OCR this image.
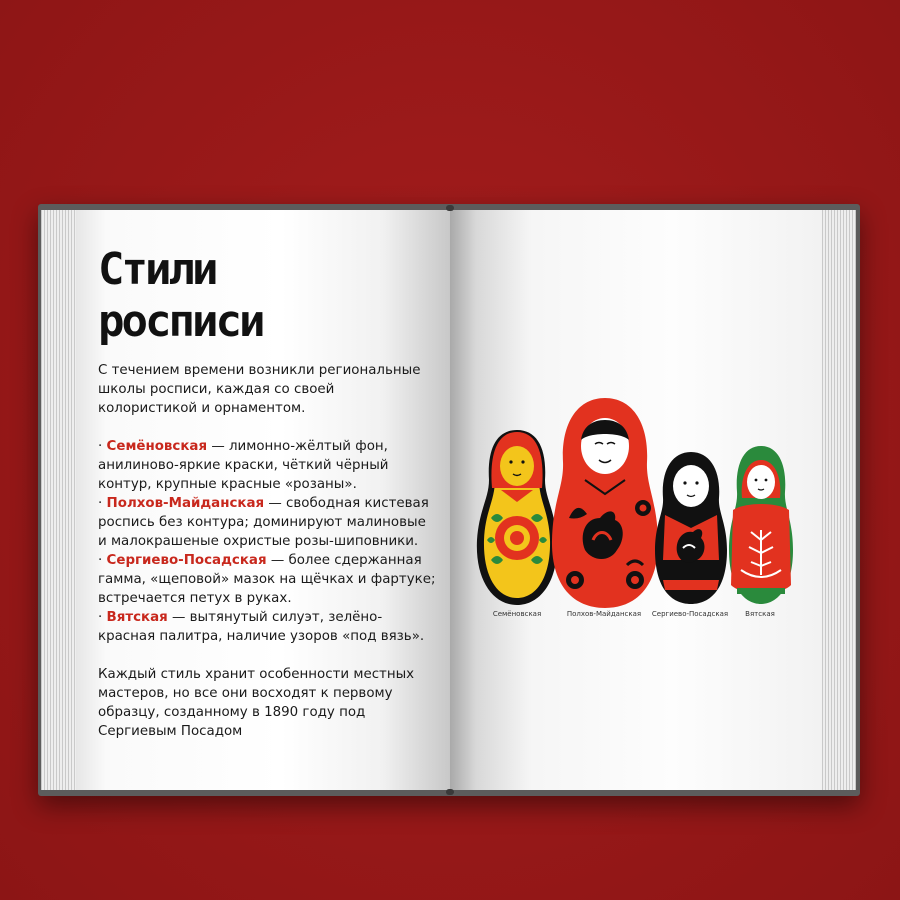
Стили
росписи
С течением времени возникли региональные
школы росписи, каждая со своей
колористикой и орнаментом.
· Семёновская — лимонно-жёлтый фон,
анилиново-яркие краски, чёткий чёрный
контур, крупные красные «розаны».
· Полхов-Майданская — свободная кистевая
роспись без контура; доминируют малиновые
и малокрашеные охристые розы-шиповники.
· Сергиево-Посадская — более сдержанная
гамма, «щеповой» мазок на щёчках и фартуке;
встречается петух в руках.
· Вятская — вытянутый силуэт, зелёно-
красная палитра, наличие узоров «под вязь».
Каждый стиль хранит особенности местных
мастеров, но все они восходят к первому
образцу, созданному в 1890 году под
Сергиевым Посадом
Семёновская	Полхов-Майданская	Сергиево-Посадская	Вятская
